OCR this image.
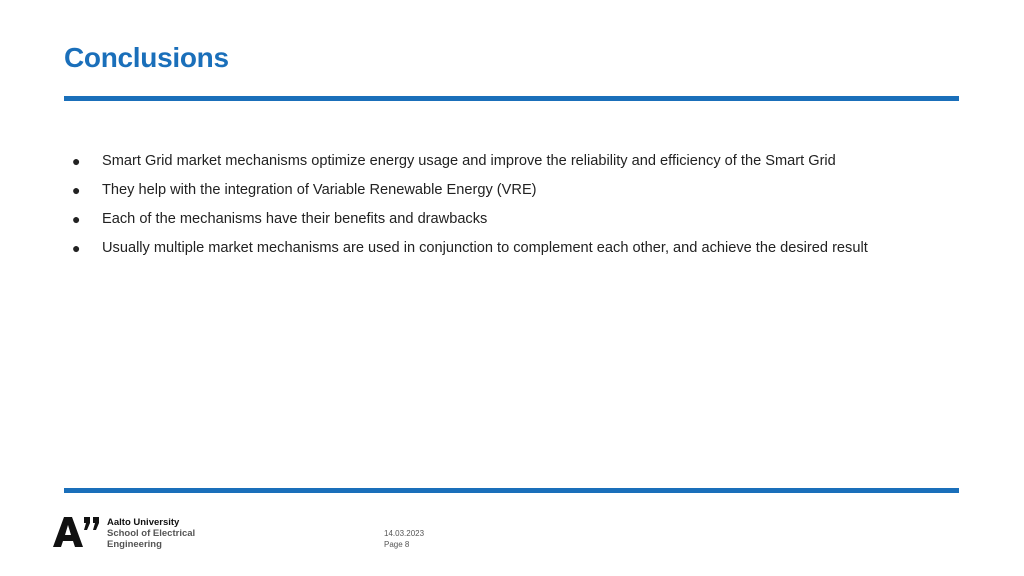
Conclusions
●	Smart Grid market mechanisms optimize energy usage and improve the reliability and efficiency of the Smart Grid
●	They help with the integration of Variable Renewable Energy (VRE)
●	Each of the mechanisms have their benefits and drawbacks
●	Usually multiple market mechanisms are used in conjunction to complement each other, and achieve the desired result
Aalto University
School of Electrical
Engineering
14.03.2023
Page 8
